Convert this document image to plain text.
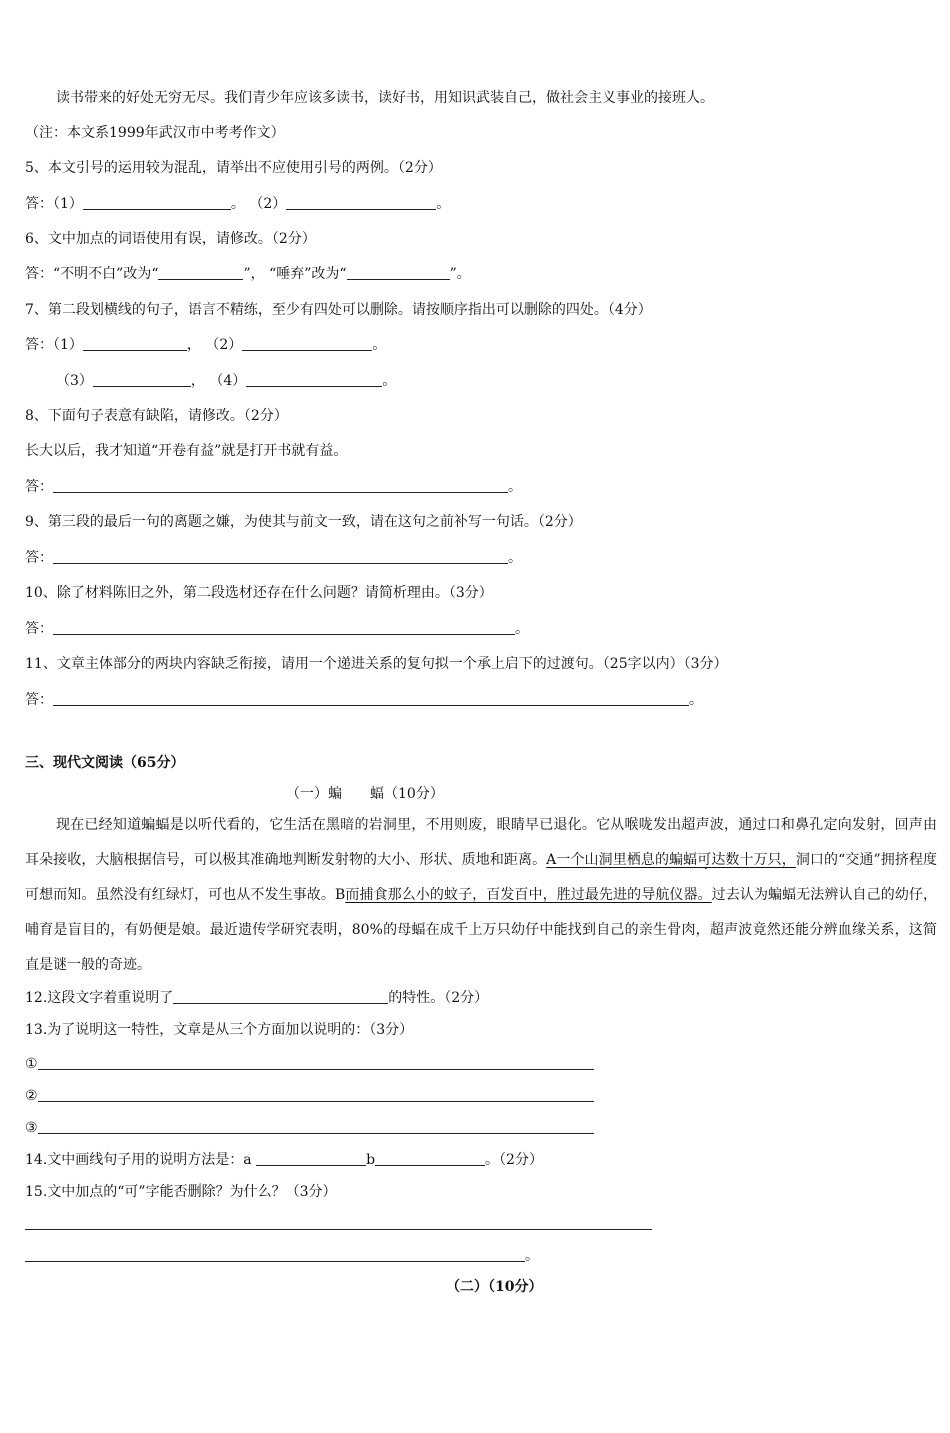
读书带来的好处无穷无尽。我们青少年应该多读书，读好书，用知识武装自己，做社会主义事业的接班人。
（注：本文系1999年武汉市中考考作文）
5、本文引号的运用较为混乱，请举出不应使用引号的两例。（2分）
答：（1）	。 （2）	。
6、文中加点的词语使用有误，请修改。（2分）
答：“不明不白”改为“	”， “唾弃”改为“	”。
7、第二段划横线的句子，语言不精练，至少有四处可以删除。请按顺序指出可以删除的四处。（4分）
答：（1）	， （2）	。
（3）	， （4）	。
8、下面句子表意有缺陷，请修改。（2分）
长大以后，我才知道“开卷有益”就是打开书就有益。
答：	。
9、第三段的最后一句的离题之嫌，为使其与前文一致，请在这句之前补写一句话。（2分）
答：	。
10、除了材料陈旧之外，第二段选材还存在什么问题？请简析理由。（3分）
答：	。
11、文章主体部分的两块内容缺乏衔接，请用一个递进关系的复句拟一个承上启下的过渡句。（25字以内）（3分）
答：	。
三、现代文阅读（65分）
（一）蝙　　蝠（10分）
现在已经知道蝙蝠是以听代看的，它生活在黑暗的岩洞里，不用则废，眼睛早已退化。它从喉咙发出超声波，通过口和鼻孔定向发射，回声由耳朵接收，大脑根据信号，可以极其准确地判断发射物的大小、形状、质地和距离。A一个山洞里栖息的蝙蝠可达数十万只，洞口的“交通”拥挤程度可想而知。虽然没有红绿灯，可也从不发生事故。B而捕食那么小的蚊子，百发百中，胜过最先进的导航仪器。过去认为蝙蝠无法辨认自己的幼仔，哺育是盲目的，有奶便是娘。最近遗传学研究表明，80%的母蝠在成千上万只幼仔中能找到自己的亲生骨肉，超声波竟然还能分辨血缘关系，这简直是谜一般的奇迹。
12.这段文字着重说明了	的特性。（2分）
13.为了说明这一特性，文章是从三个方面加以说明的：（3分）
①
②
③
14.文中画线句子用的说明方法是：a	b	。（2分）
15.文中加点的“可”字能否删除？为什么？（3分）
。
（二）（10分）
